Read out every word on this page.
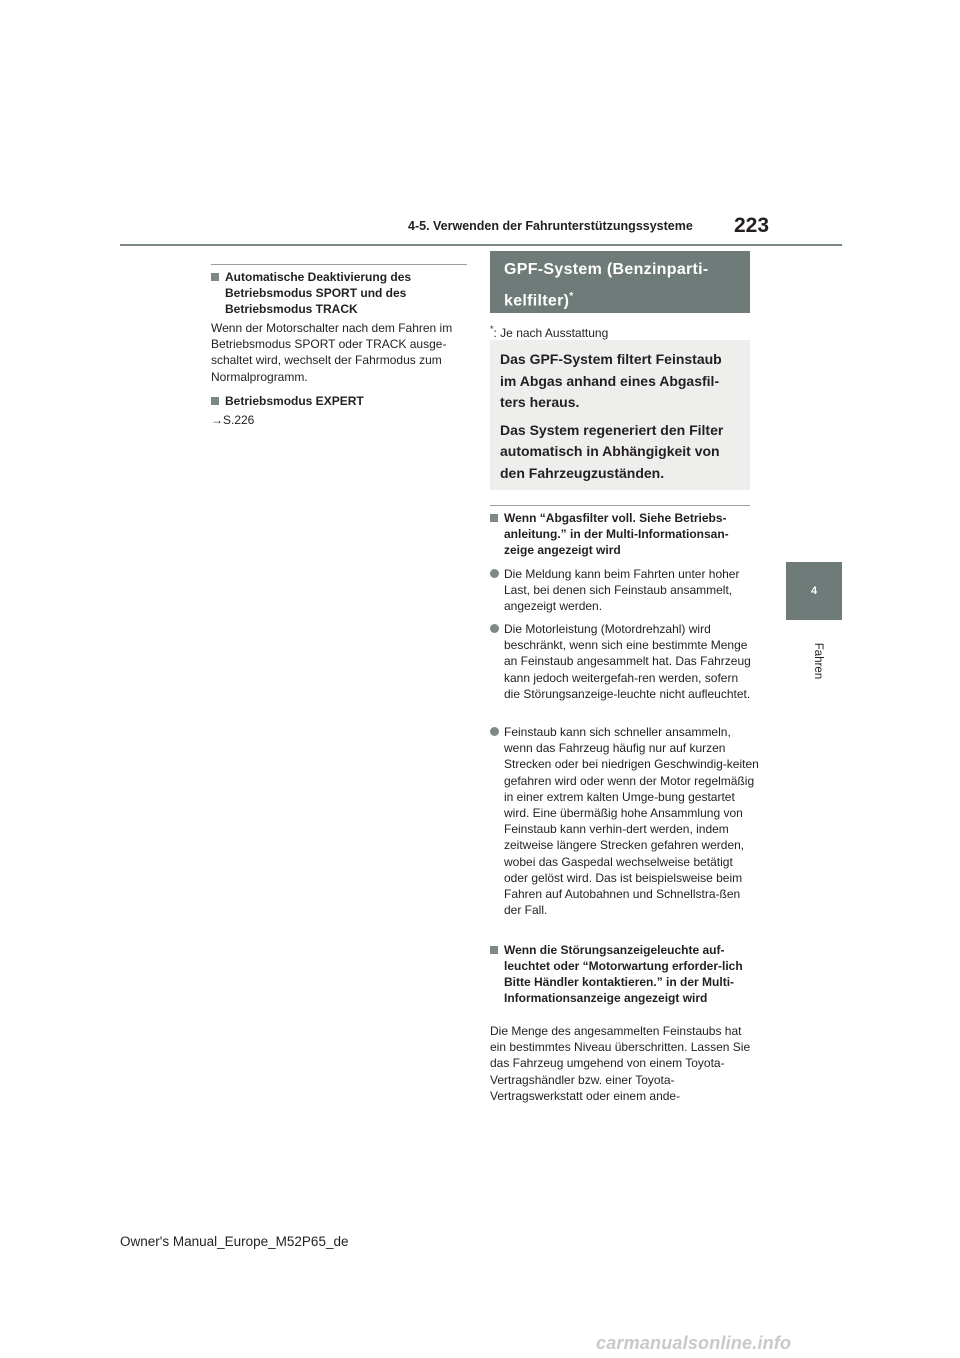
4-5. Verwenden der Fahrunterstützungssysteme 223
4
Fahren
Automatische Deaktivierung des Betriebsmodus SPORT und des Betriebsmodus TRACK
Wenn der Motorschalter nach dem Fahren im Betriebsmodus SPORT oder TRACK ausge-schaltet wird, wechselt der Fahrmodus zum Normalprogramm.
Betriebsmodus EXPERT
→S.226
GPF-System (Benzinparti-
kelfilter)*
*: Je nach Ausstattung

Das GPF-System filtert Feinstaub im Abgas anhand eines Abgasfil-ters heraus.

Das System regeneriert den Filter automatisch in Abhängigkeit von den Fahrzeugzuständen.

Wenn “Abgasfilter voll. Siehe Betriebs-anleitung.” in der Multi-Informationsan-zeige angezeigt wird
Die Meldung kann beim Fahrten unter hoher Last, bei denen sich Feinstaub ansammelt, angezeigt werden.
Die Motorleistung (Motordrehzahl) wird beschränkt, wenn sich eine bestimmte Menge an Feinstaub angesammelt hat. Das Fahrzeug kann jedoch weitergefah-ren werden, sofern die Störungsanzeige-leuchte nicht aufleuchtet.
Feinstaub kann sich schneller ansammeln, wenn das Fahrzeug häufig nur auf kurzen Strecken oder bei niedrigen Geschwindig-keiten gefahren wird oder wenn der Motor regelmäßig in einer extrem kalten Umge-bung gestartet wird. Eine übermäßig hohe Ansammlung von Feinstaub kann verhin-dert werden, indem zeitweise längere Strecken gefahren werden, wobei das Gaspedal wechselweise betätigt oder gelöst wird. Das ist beispielsweise beim Fahren auf Autobahnen und Schnellstra-ßen der Fall.
Wenn die Störungsanzeigeleuchte auf-leuchtet oder “Motorwartung erforder-lich Bitte Händler kontaktieren.” in der Multi-Informationsanzeige angezeigt wird
Die Menge des angesammelten Feinstaubs hat ein bestimmtes Niveau überschritten. Lassen Sie das Fahrzeug umgehend von einem Toyota-Vertragshändler bzw. einer Toyota-Vertragswerkstatt oder einem ande-
Owner's Manual_Europe_M52P65_de
carmanualsonline.info
